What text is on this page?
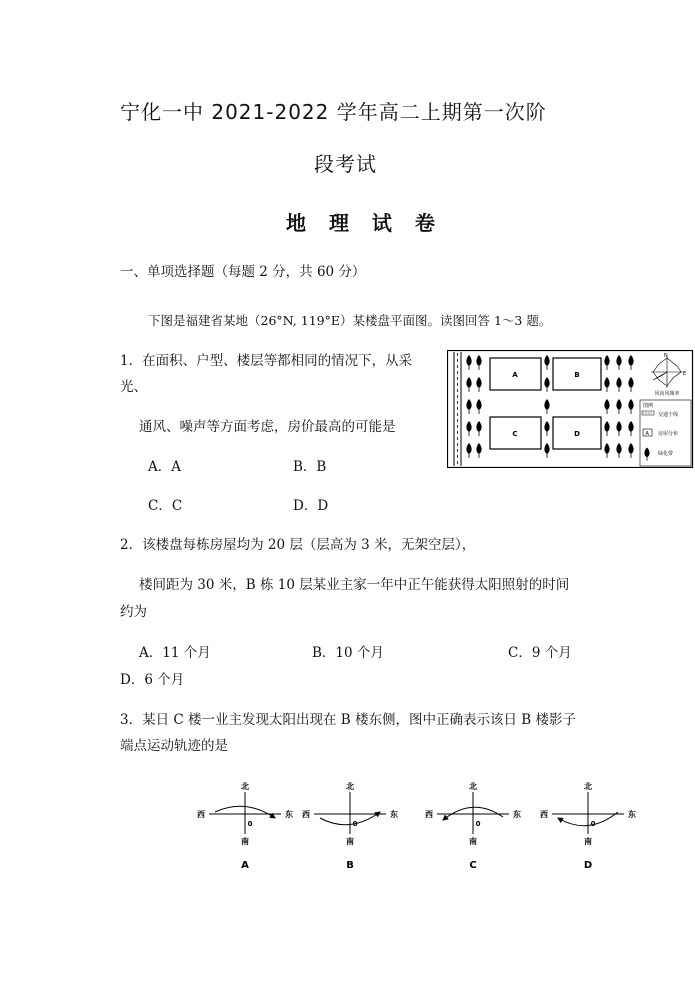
宁化一中 2021-2022 学年高二上期第一次阶
段考试
地 理 试 卷
一、单项选择题（每题 2 分，共 60 分）
下图是福建省某地（26°N, 119°E）某楼盘平面图。读图回答 1～3 题。
1．在面积、户型、楼层等都相同的情况下，从采
光、
通风、噪声等方面考虑，房价最高的可能是
A．A	B．B
C．C	D．D
A	B
C	D
N
E
风向风频率
图例
交通干线
A 房屋分布
绿化带
2．该楼盘每栋房屋均为 20 层（层高为 3 米，无架空层），
楼间距为 30 米，B 栋 10 层某业主家一年中正午能获得太阳照射的时间
约为
A．11 个月	B．10 个月	C．9 个月
D．6 个月
3．某日 C 楼一业主发现太阳出现在 B 楼东侧，图中正确表示该日 B 楼影子
端点运动轨迹的是
北
南
西	东
0
A
北
南
西	东
0
B
北
南
西	东
0
C
北
南
西	东
0
D
